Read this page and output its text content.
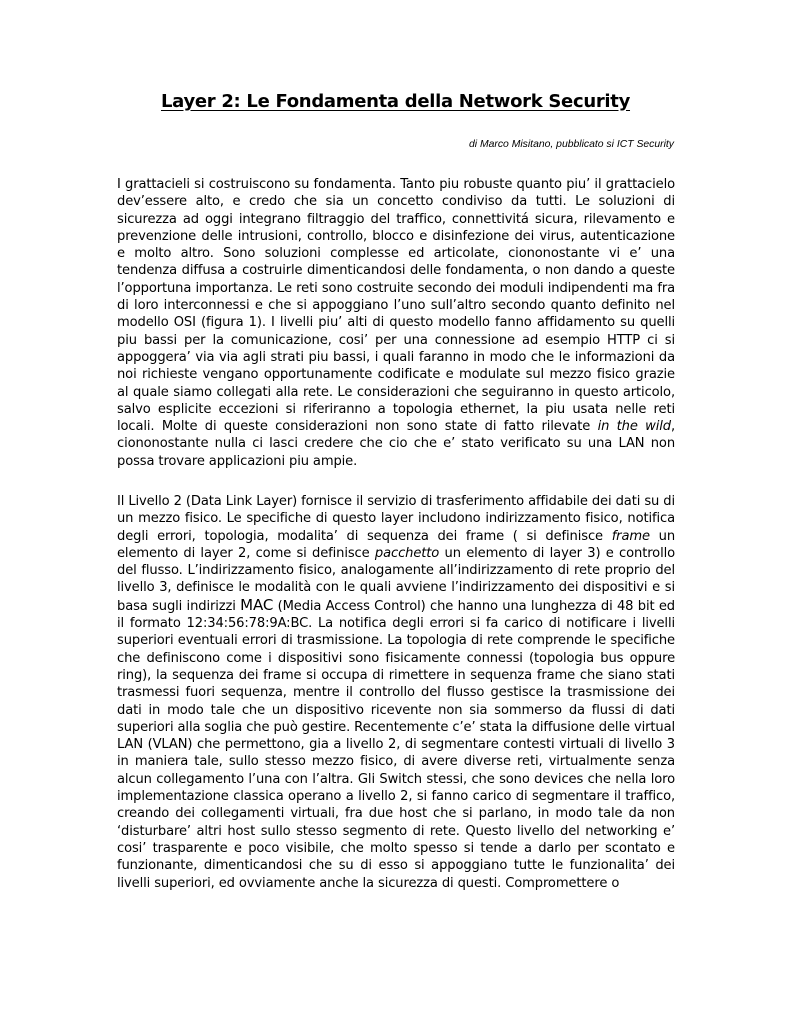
Layer 2: Le Fondamenta della Network Security

di Marco Misitano, pubblicato si ICT Security

I grattacieli si costruiscono su fondamenta. Tanto piu robuste quanto piu’ il grattacielo dev’essere alto, e credo che sia un concetto condiviso da tutti. Le soluzioni di sicurezza ad oggi integrano filtraggio del traffico, connettivitá sicura, rilevamento e prevenzione delle intrusioni, controllo, blocco e disinfezione dei virus, autenticazione e molto altro. Sono soluzioni complesse ed articolate, ciononostante vi e’ una tendenza diffusa a costruirle dimenticandosi delle fondamenta, o non dando a queste l’opportuna importanza. Le reti sono costruite secondo dei moduli indipendenti ma fra di loro interconnessi e che si appoggiano l’uno sull’altro secondo quanto definito nel modello OSI (figura 1). I livelli piu’ alti di questo modello fanno affidamento su quelli piu bassi per la comunicazione, cosi’ per una connessione ad esempio HTTP ci si appoggera’ via via agli strati piu bassi, i quali faranno in modo che le informazioni da noi richieste vengano opportunamente codificate e modulate sul mezzo fisico grazie al quale siamo collegati alla rete. Le considerazioni che seguiranno in questo articolo, salvo esplicite eccezioni si riferiranno a topologia ethernet, la piu usata nelle reti locali. Molte di queste considerazioni non sono state di fatto rilevate in the wild, ciononostante nulla ci lasci credere che cio che e’ stato verificato su una LAN non possa trovare applicazioni piu ampie.

Il Livello 2 (Data Link Layer) fornisce il servizio di trasferimento affidabile dei dati su di un mezzo fisico. Le specifiche di questo layer includono indirizzamento fisico, notifica degli errori, topologia, modalita’ di sequenza dei frame ( si definisce frame un elemento di layer 2, come si definisce pacchetto un elemento di layer 3) e controllo del flusso. L’indirizzamento fisico, analogamente all’indirizzamento di rete proprio del livello 3, definisce le modalità con le quali avviene l’indirizzamento dei dispositivi e si basa sugli indirizzi MAC (Media Access Control) che hanno una lunghezza di 48 bit ed il formato 12:34:56:78:9A:BC. La notifica degli errori si fa carico di notificare i livelli superiori eventuali errori di trasmissione. La topologia di rete comprende le specifiche che definiscono come i dispositivi sono fisicamente connessi (topologia bus oppure ring), la sequenza dei frame si occupa di rimettere in sequenza frame che siano stati trasmessi fuori sequenza, mentre il controllo del flusso gestisce la trasmissione dei dati in modo tale che un dispositivo ricevente non sia sommerso da flussi di dati superiori alla soglia che può gestire. Recentemente c’e’ stata la diffusione delle virtual LAN (VLAN) che permettono, gia a livello 2, di segmentare contesti virtuali di livello 3 in maniera tale, sullo stesso mezzo fisico, di avere diverse reti, virtualmente senza alcun collegamento l’una con l’altra. Gli Switch stessi, che sono devices che nella loro implementazione classica operano a livello 2, si fanno carico di segmentare il traffico, creando dei collegamenti virtuali, fra due host che si parlano, in modo tale da non ‘disturbare’ altri host sullo stesso segmento di rete. Questo livello del networking e’ cosi’ trasparente e poco visibile, che molto spesso si tende a darlo per scontato e funzionante, dimenticandosi che su di esso si appoggiano tutte le funzionalita’ dei livelli superiori, ed ovviamente anche la sicurezza di questi. Compromettere o
